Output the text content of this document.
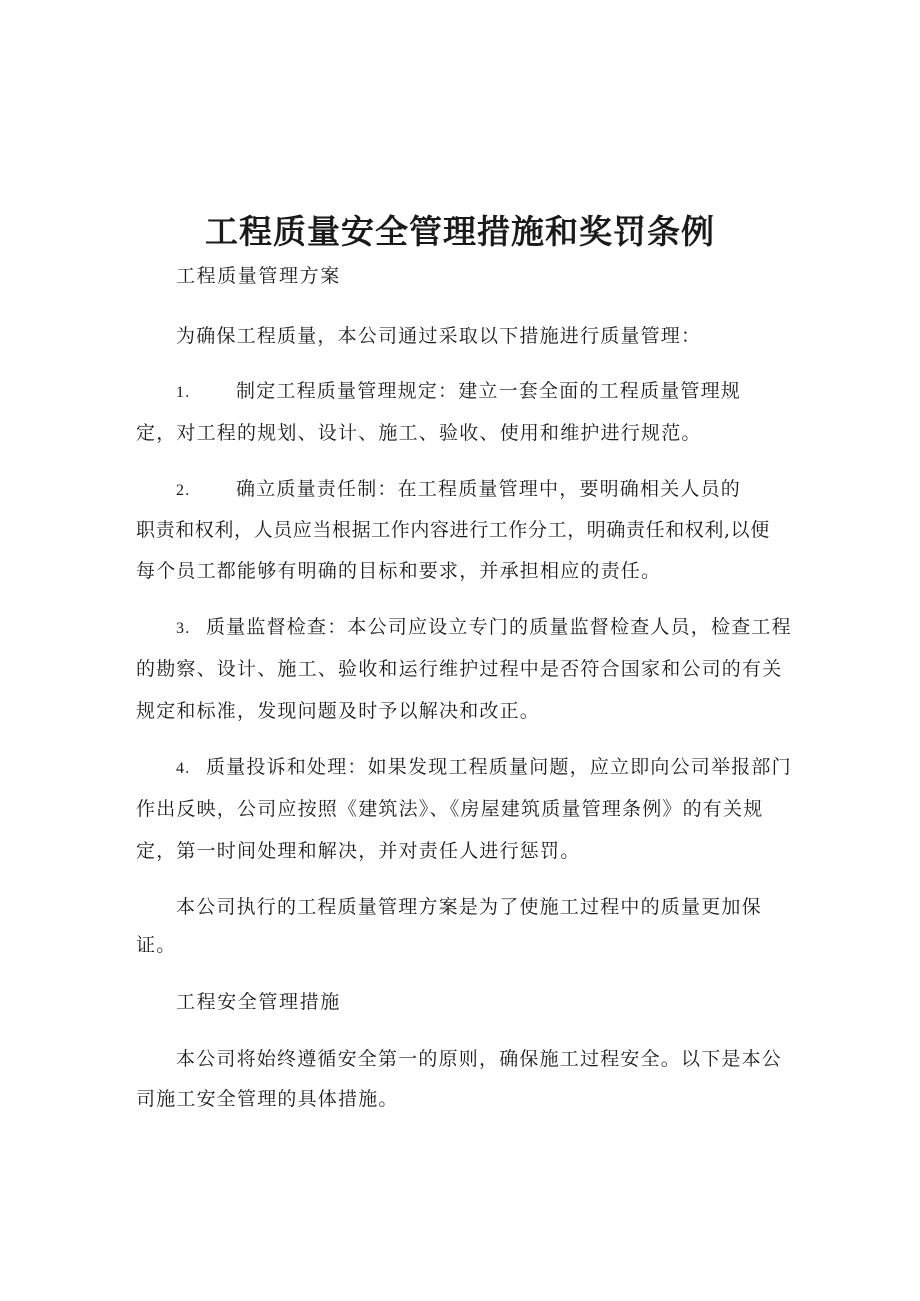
工程质量安全管理措施和奖罚条例

工程质量管理方案

为确保工程质量，本公司通过采取以下措施进行质量管理：

1. 制定工程质量管理规定：建立一套全面的工程质量管理规

定，对工程的规划、设计、施工、验收、使用和维护进行规范。

2. 确立质量责任制：在工程质量管理中，要明确相关人员的

职责和权利，人员应当根据工作内容进行工作分工，明确责任和权利,以便

每个员工都能够有明确的目标和要求，并承担相应的责任。

3. 质量监督检查：本公司应设立专门的质量监督检查人员，检查工程

的勘察、设计、施工、验收和运行维护过程中是否符合国家和公司的有关

规定和标准，发现问题及时予以解决和改正。

4. 质量投诉和处理：如果发现工程质量问题，应立即向公司举报部门

作出反映，公司应按照《建筑法》、《房屋建筑质量管理条例》的有关规

定，第一时间处理和解决，并对责任人进行惩罚。

本公司执行的工程质量管理方案是为了使施工过程中的质量更加保

证。

工程安全管理措施

本公司将始终遵循安全第一的原则，确保施工过程安全。以下是本公

司施工安全管理的具体措施。
